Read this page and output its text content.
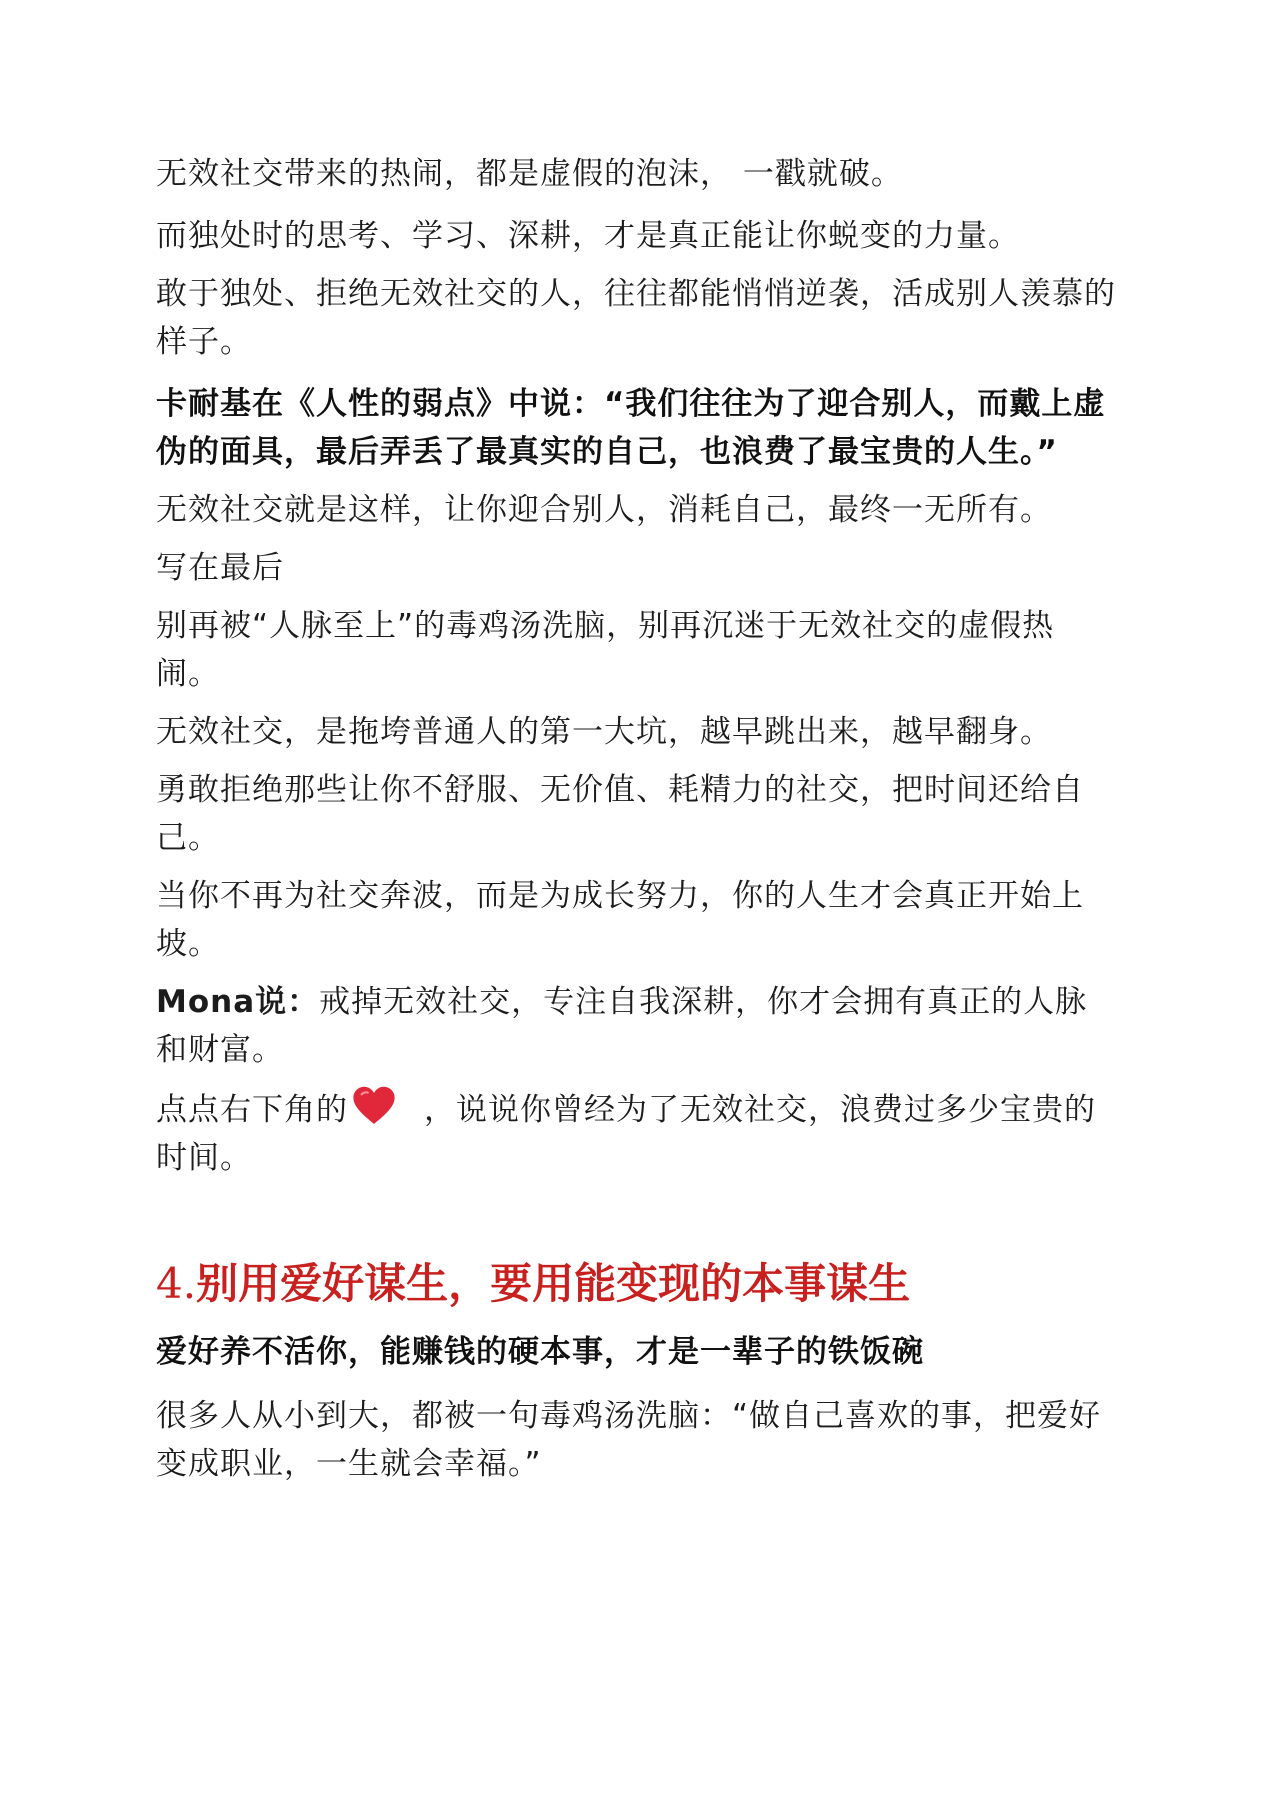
无效社交带来的热闹，都是虚假的泡沫， 一戳就破。

而独处时的思考、学习、深耕，才是真正能让你蜕变的力量。

敢于独处、拒绝无效社交的人，往往都能悄悄逆袭，活成别人羡慕的样子。

卡耐基在《人性的弱点》中说：“我们往往为了迎合别人，而戴上虚伪的面具，最后弄丢了最真实的自己，也浪费了最宝贵的人生。”

无效社交就是这样，让你迎合别人，消耗自己，最终一无所有。

写在最后

别再被“人脉至上”的毒鸡汤洗脑，别再沉迷于无效社交的虚假热闹。

无效社交，是拖垮普通人的第一大坑，越早跳出来，越早翻身。

勇敢拒绝那些让你不舒服、无价值、耗精力的社交，把时间还给自己。

当你不再为社交奔波，而是为成长努力，你的人生才会真正开始上坡。

Mona说：戒掉无效社交，专注自我深耕，你才会拥有真正的人脉 和财富。

点点右下角的 ，说说你曾经为了无效社交，浪费过多少宝贵的时间。

4.别用爱好谋生，要用能变现的本事谋生

爱好养不活你，能赚钱的硬本事，才是一辈子的铁饭碗

很多人从小到大，都被一句毒鸡汤洗脑：“做自己喜欢的事，把爱好变成职业，一生就会幸福。”
